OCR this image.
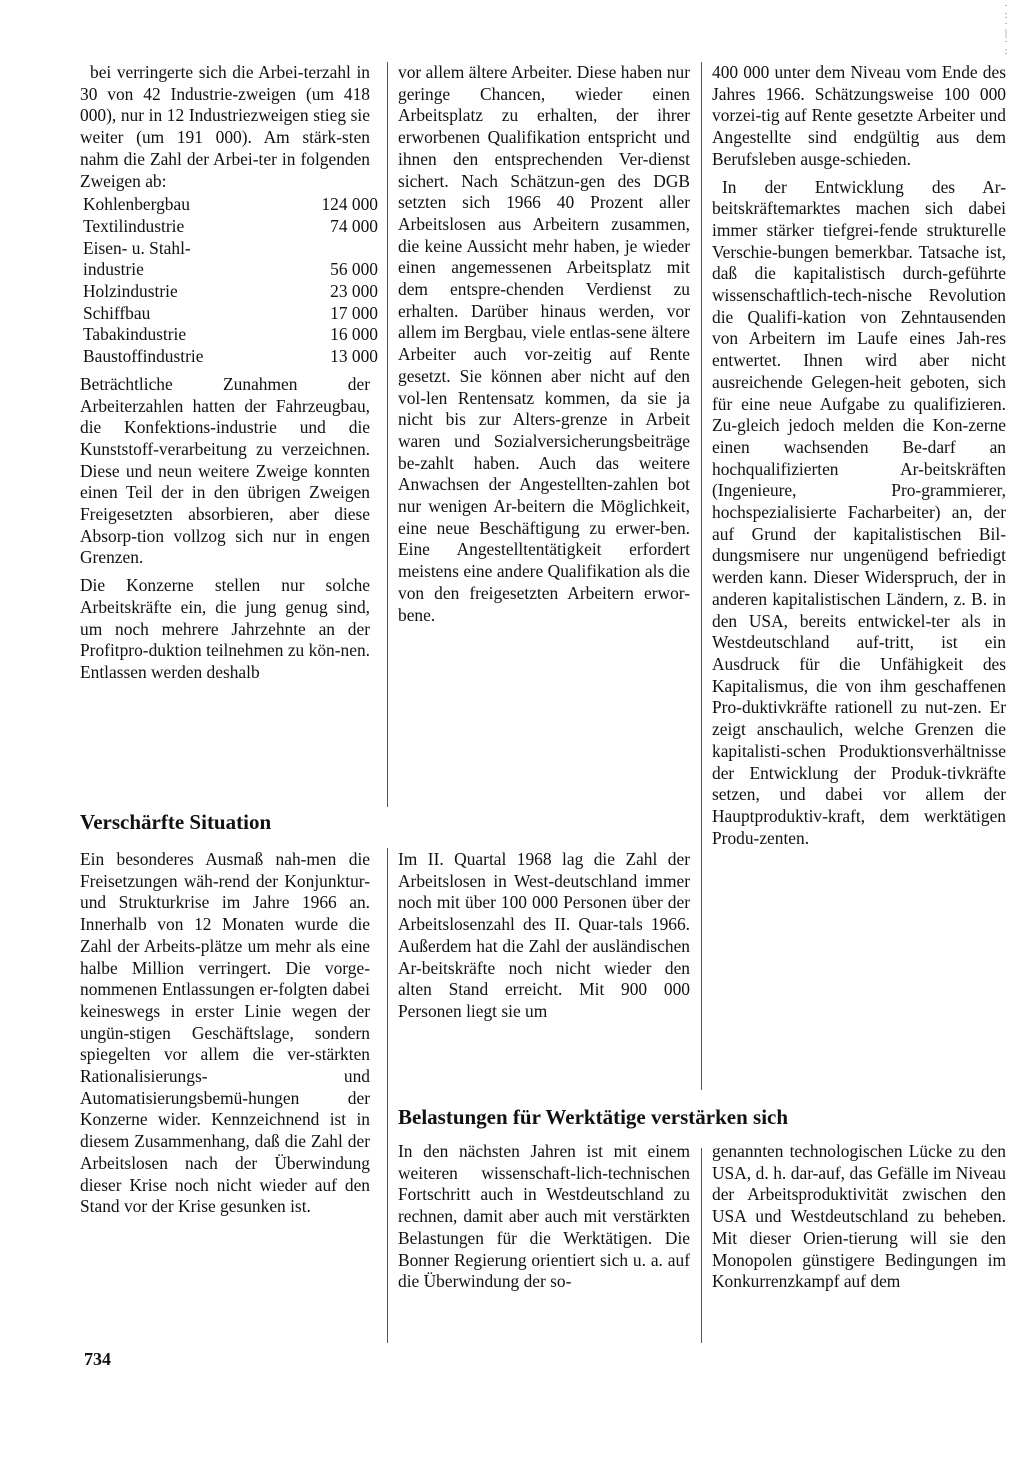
·
:
·
|
·
:

bei verringerte sich die Arbei-terzahl in 30 von 42 Industrie-zweigen (um 418 000), nur in 12 Industriezweigen stieg sie weiter (um 191 000). Am stärk-sten nahm die Zahl der Arbei-ter in folgenden Zweigen ab:

Kohlenbergbau	124 000
Textilindustrie	74 000
Eisen- u. Stahl-	
industrie	56 000
Holzindustrie	23 000
Schiffbau	17 000
Tabakindustrie	16 000
Baustoffindustrie	13 000

Beträchtliche Zunahmen der Arbeiterzahlen hatten der Fahrzeugbau, die Konfektions-industrie und die Kunststoff-verarbeitung zu verzeichnen. Diese und neun weitere Zweige konnten einen Teil der in den übrigen Zweigen Freigesetzten absorbieren, aber diese Absorp-tion vollzog sich nur in engen Grenzen.

Die Konzerne stellen nur solche Arbeitskräfte ein, die jung genug sind, um noch mehrere Jahrzehnte an der Profitpro-duktion teilnehmen zu kön-nen. Entlassen werden deshalb

Verschärfte Situation

Ein besonderes Ausmaß nah-men die Freisetzungen wäh-rend der Konjunktur- und Strukturkrise im Jahre 1966 an. Innerhalb von 12 Monaten wurde die Zahl der Arbeits-plätze um mehr als eine halbe Million verringert. Die vorge-nommenen Entlassungen er-folgten dabei keineswegs in erster Linie wegen der ungün-stigen Geschäftslage, sondern spiegelten vor allem die ver-stärkten Rationalisierungs- und Automatisierungsbemü-hungen der Konzerne wider. Kennzeichnend ist in diesem Zusammenhang, daß die Zahl der Arbeitslosen nach der Überwindung dieser Krise noch nicht wieder auf den Stand vor der Krise gesunken ist.

vor allem ältere Arbeiter. Diese haben nur geringe Chancen, wieder einen Arbeitsplatz zu erhalten, der ihrer erworbenen Qualifikation entspricht und ihnen den entsprechenden Ver-dienst sichert. Nach Schätzun-gen des DGB setzten sich 1966 40 Prozent aller Arbeitslosen aus Arbeitern zusammen, die keine Aussicht mehr haben, je wieder einen angemessenen Arbeitsplatz mit dem entspre-chenden Verdienst zu erhalten. Darüber hinaus werden, vor allem im Bergbau, viele entlas-sene ältere Arbeiter auch vor-zeitig auf Rente gesetzt. Sie können aber nicht auf den vol-len Rentensatz kommen, da sie ja nicht bis zur Alters-grenze in Arbeit waren und Sozialversicherungsbeiträge be-zahlt haben. Auch das weitere Anwachsen der Angestellten-zahlen bot nur wenigen Ar-beitern die Möglichkeit, eine neue Beschäftigung zu erwer-ben. Eine Angestelltentätigkeit erfordert meistens eine andere Qualifikation als die von den freigesetzten Arbeitern erwor-bene.

Im II. Quartal 1968 lag die Zahl der Arbeitslosen in West-deutschland immer noch mit über 100 000 Personen über der Arbeitslosenzahl des II. Quar-tals 1966. Außerdem hat die Zahl der ausländischen Ar-beitskräfte noch nicht wieder den alten Stand erreicht. Mit 900 000 Personen liegt sie um

Belastungen für Werktätige verstärken sich

In den nächsten Jahren ist mit einem weiteren wissenschaft-lich-technischen Fortschritt auch in Westdeutschland zu rechnen, damit aber auch mit verstärkten Belastungen für die Werktätigen. Die Bonner Regierung orientiert sich u. a. auf die Überwindung der so-

400 000 unter dem Niveau vom Ende des Jahres 1966. Schätzungsweise 100 000 vorzei-tig auf Rente gesetzte Arbeiter und Angestellte sind endgültig aus dem Berufsleben ausge-schieden.

In der Entwicklung des Ar-beitskräftemarktes machen sich dabei immer stärker tiefgrei-fende strukturelle Verschie-bungen bemerkbar. Tatsache ist, daß die kapitalistisch durch-geführte wissenschaftlich-tech-nische Revolution die Qualifi-kation von Zehntausenden von Arbeitern im Laufe eines Jah-res entwertet. Ihnen wird aber nicht ausreichende Gelegen-heit geboten, sich für eine neue Aufgabe zu qualifizieren. Zu-gleich jedoch melden die Kon-zerne einen wachsenden Be-darf an hochqualifizierten Ar-beitskräften (Ingenieure, Pro-grammierer, hochspezialisierte Facharbeiter) an, der auf Grund der kapitalistischen Bil-dungsmisere nur ungenügend befriedigt werden kann. Dieser Widerspruch, der in anderen kapitalistischen Ländern, z. B. in den USA, bereits entwickel-ter als in Westdeutschland auf-tritt, ist ein Ausdruck für die Unfähigkeit des Kapitalismus, die von ihm geschaffenen Pro-duktivkräfte rationell zu nut-zen. Er zeigt anschaulich, welche Grenzen die kapitalisti-schen Produktionsverhältnisse der Entwicklung der Produk-tivkräfte setzen, und dabei vor allem der Hauptproduktiv-kraft, dem werktätigen Produ-zenten.

genannten technologischen Lücke zu den USA, d. h. dar-auf, das Gefälle im Niveau der Arbeitsproduktivität zwischen den USA und Westdeutschland zu beheben. Mit dieser Orien-tierung will sie den Monopolen günstigere Bedingungen im Konkurrenzkampf auf dem

734
